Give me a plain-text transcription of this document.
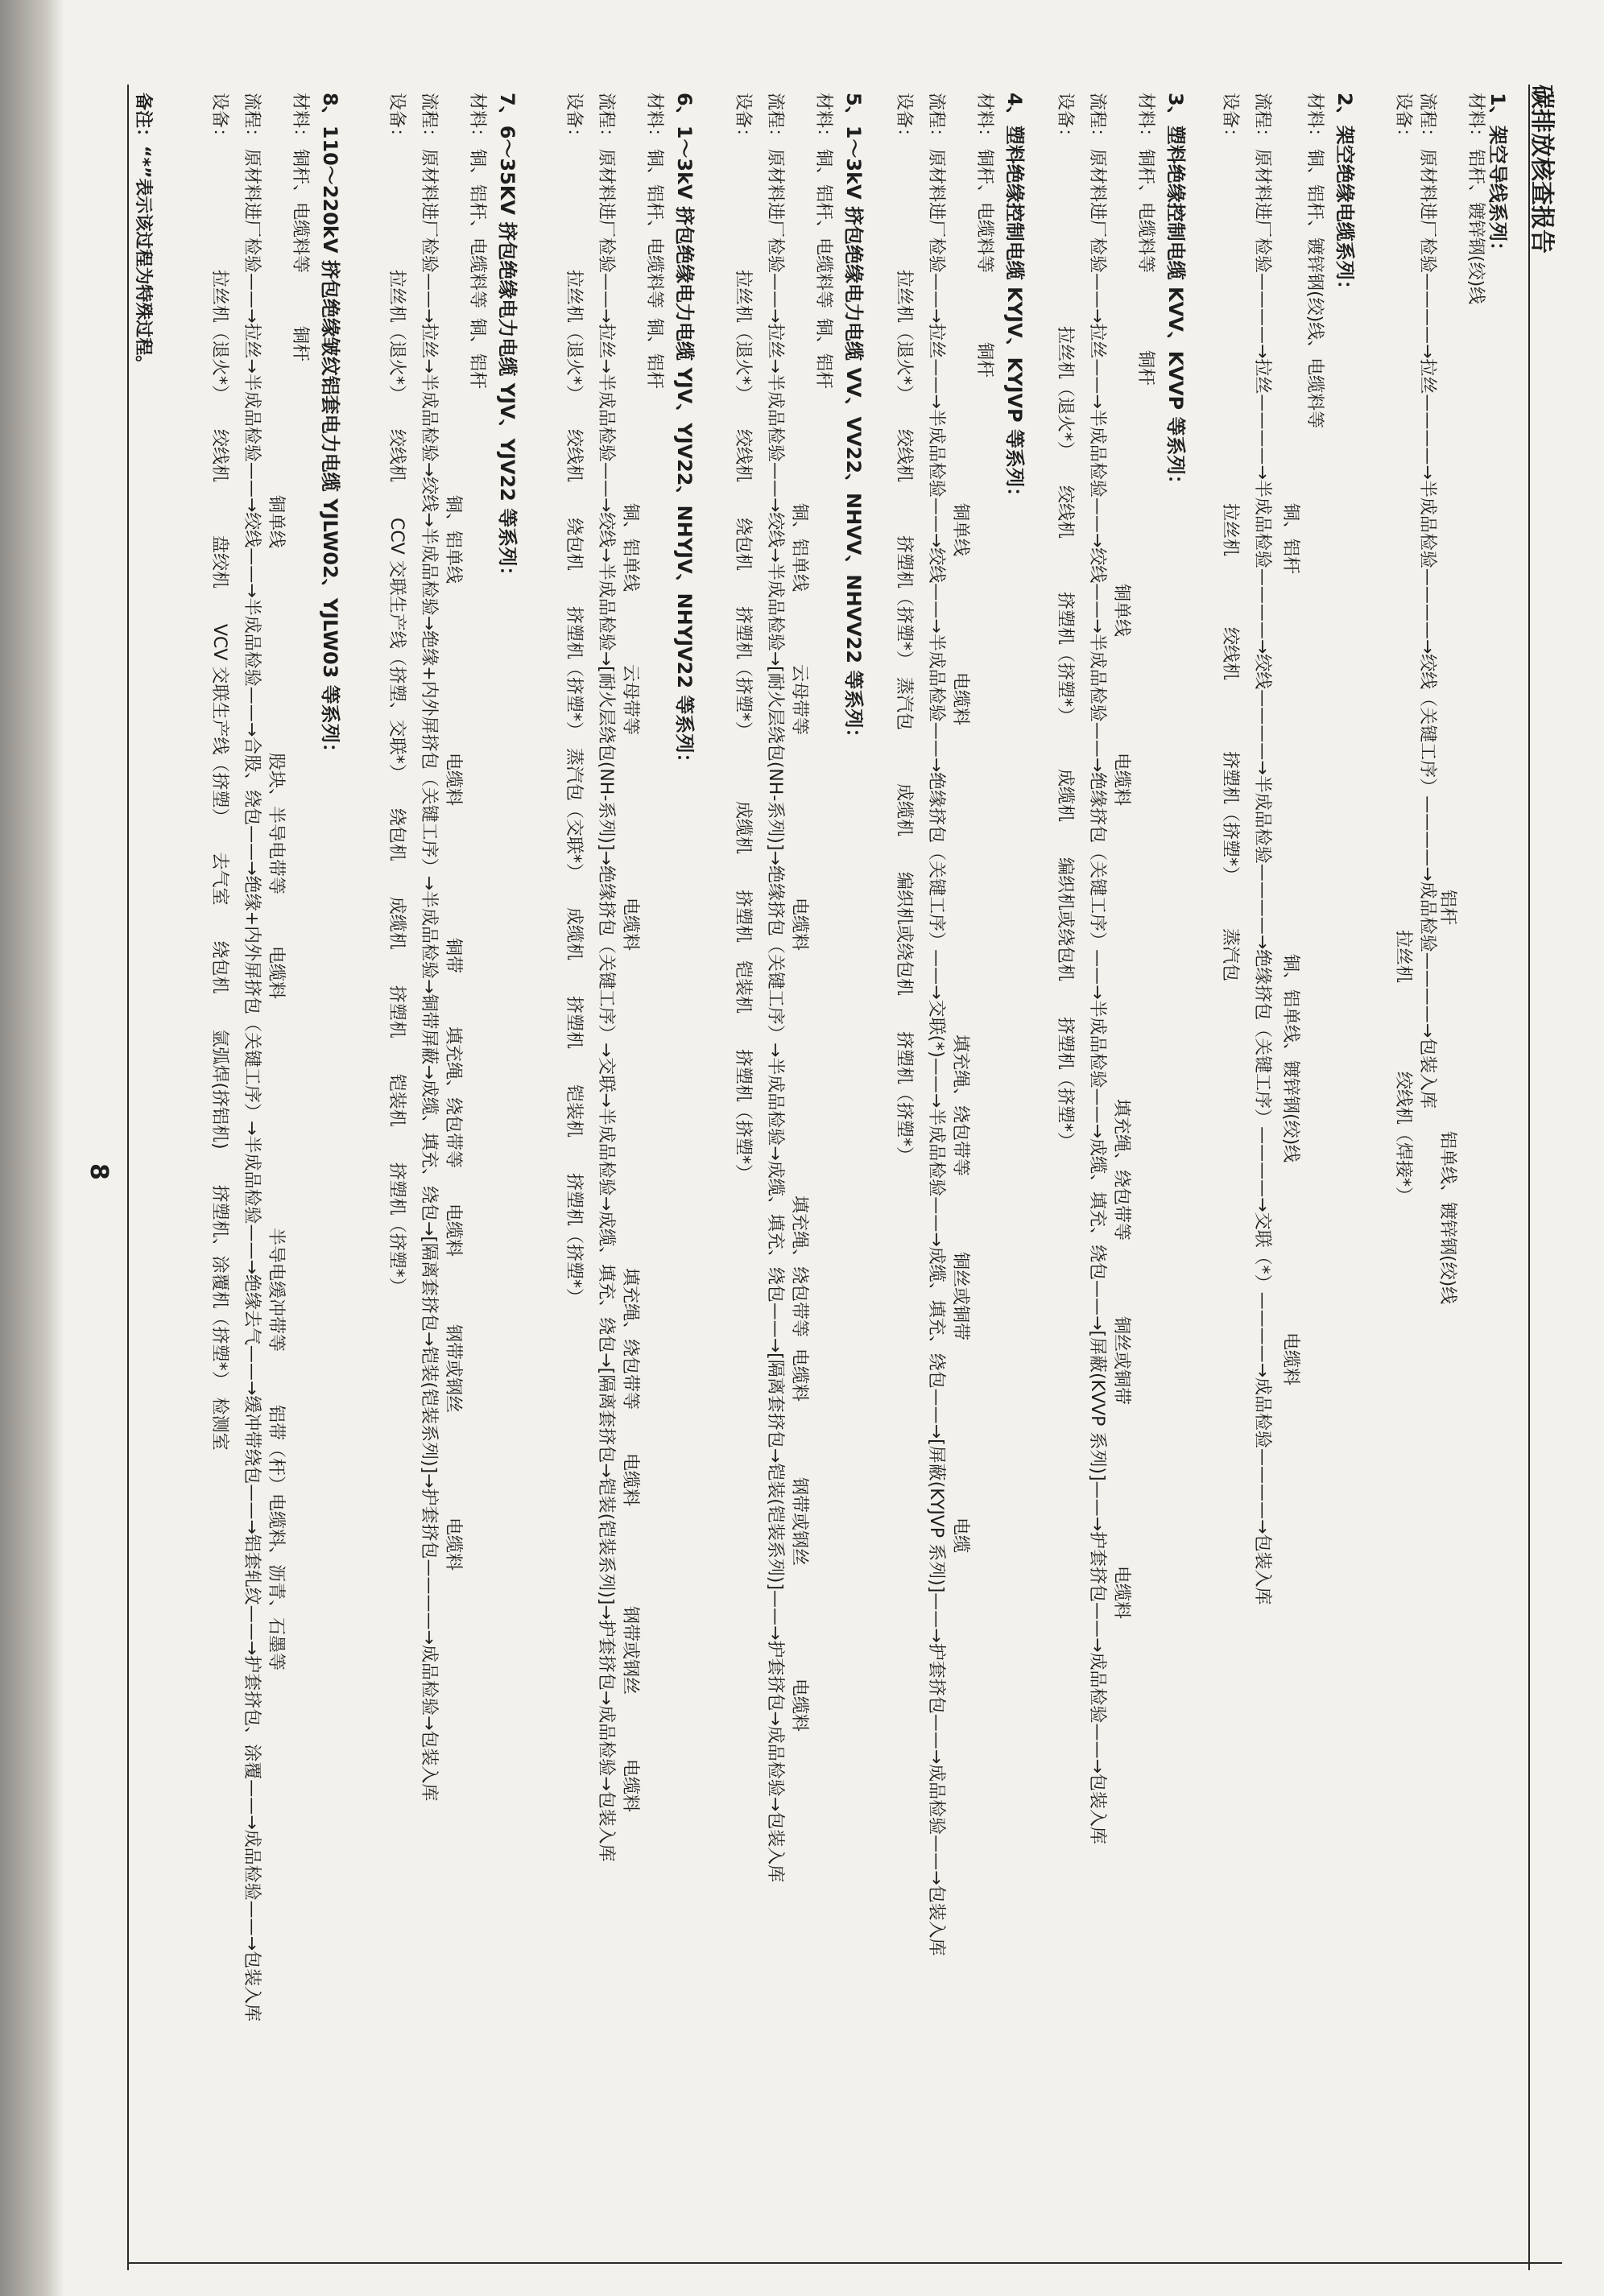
碳排放核查报告
8
1、架空导线系列：
铝杆
铝单线、镀锌钢(绞)线
材料：
铝杆、镀锌钢(绞)线
流程：
原材料进厂检验————→拉丝————→半成品检验————→绞线（关键工序）————→成品检验————→包装入库
设备：
拉丝机　　　　　绞线机（焊接*）
2、架空绝缘电缆系列：
材料：
铜、铝杆、镀锌钢(绞)线、电缆料等
铜、铝杆
铜、铝单线、镀锌钢(绞)线
电缆料
流程：
原材料进厂检验————→拉丝————→半成品检验————→绞线————→半成品检验————→绝缘挤包（关键工序）————→交联（*）————→成品检验————→包装入库
设备：
拉丝机　　　　绞线机　　　　挤塑机（挤塑*）　　　蒸汽包
3、塑料绝缘控制电缆 KVV、KVVP 等系列：
材料：
铜杆、电缆料等
铜杆
铜单线
电缆料
填充绳、绕包带等
铜丝或铜带
电缆料
流程：
原材料进厂检验——→拉丝——→半成品检验——→绞线——→半成品检验——→绝缘挤包（关键工序）——→半成品检验——→成缆、填充、绕包——→[屏蔽(KVVP 系列)]——→护套挤包——→成品检验——→包装入库
设备：
拉丝机（退火*）　　绞线机　　　挤塑机（挤塑*）　　　成缆机　　编织机或绕包机　　挤塑机（挤塑*）
4、塑料绝缘控制电缆 KYJV、KYJVP 等系列：
材料：
铜杆、电缆料等
铜杆
铜单线
电缆料
填充绳、绕包带等
铜丝或铜带
电缆
流程：
原材料进厂检验——→拉丝——→半成品检验——→绞线——→半成品检验——→绝缘挤包（关键工序）——→交联(*)——→半成品检验——→成缆、填充、绕包——→[屏蔽(KYJVP 系列)]——→护套挤包——→成品检验——→包装入库
设备：
拉丝机（退火*）　　绞线机　　　挤塑机（挤塑*）　蒸汽包　　　成缆机　　编织机或绕包机　　挤塑机（挤塑*）
5、1～3kV 挤包绝缘电力电缆 VV、VV22、NHVV、NHVV22 等系列：
材料：
铜、铝杆、电缆料等
铜、铝杆
铜、铝单线
云母带等
电缆料
填充绳、绕包带等
电缆料
钢带或钢丝
电缆料
流程：
原材料进厂检验——→拉丝→半成品检验——→绞线→半成品检验→[耐火层绕包(NH-系列)]→绝缘挤包（关键工序）→半成品检验→成缆、填充、绕包——→[隔离套挤包→铠装(铠装系列)]——→护套挤包→成品检验→包装入库
设备：
拉丝机（退火*）　　绞线机　　绕包机　　挤塑机（挤塑*）　　　　成缆机　　挤塑机　铠装机　　挤塑机（挤塑*）
6、1～3kV 挤包绝缘电力电缆 YJV、YJV22、NHYJV、NHYJV22 等系列：
材料：
铜、铝杆、电缆料等
铜、铝杆
铜、铝单线
云母带等
电缆料
填充绳、绕包带等
电缆料
钢带或钢丝
电缆料
流程：
原材料进厂检验——→拉丝→半成品检验——→绞线→半成品检验→[耐火层绕包(NH-系列)]→绝缘挤包（关键工序）→交联→半成品检验→成缆、填充、绕包→[隔离套挤包→铠装(铠装系列)]→护套挤包→成品检验→包装入库
设备：
拉丝机（退火*）　　绞线机　　绕包机　　挤塑机（挤塑*）　蒸汽包（交联*）　　成缆机　　挤塑机　　铠装机　　挤塑机（挤塑*）
7、6～35KV 挤包绝缘电力电缆 YJV、YJV22 等系列：
材料：
铜、铝杆、电缆料等
铜、铝杆
铜、铝单线
电缆料
铜带
填充绳、绕包带等
电缆料
钢带或钢丝
电缆料
流程：
原材料进厂检验——→拉丝→半成品检验→绞线→半成品检验→绝缘+内外屏挤包（关键工序）→半成品检验→铜带屏蔽→成缆、填充、绕包→[隔离套挤包→铠装(铠装系列)]→护套挤包————→成品检验→包装入库
设备：
拉丝机（退火*）　　绞线机　　CCV 交联生产线（挤塑、交联*）　　绕包机　　成缆机　　挤塑机　　铠装机　　挤塑机（挤塑*）
8、110～220kV 挤包绝缘皱纹铝套电力电缆 YJLW02、YJLW03 等系列：
材料：
铜杆、电缆料等
铜杆
铜单线
股块、半导电带等
电缆料
半导电缓冲带等
铝带（杆）
电缆料、沥青、石墨等
流程：
原材料进厂检验——→拉丝→半成品检验——→绞线——→半成品检验——→合股、绕包——→绝缘+内外屏挤包（关键工序）→半成品检验——→绝缘去气——→缓冲带绕包——→铝套轧纹——→护套挤包、涂覆——→成品检验——→包装入库
设备：
拉丝机（退火*）　　绞线机　　　盘绞机　　VCV 交联生产线（挤塑）　　去气室　　绕包机　　氩弧焊(挤铝机)　　挤塑机、涂覆机（挤塑*）　检测室
备注：“*”表示该过程为特殊过程。
